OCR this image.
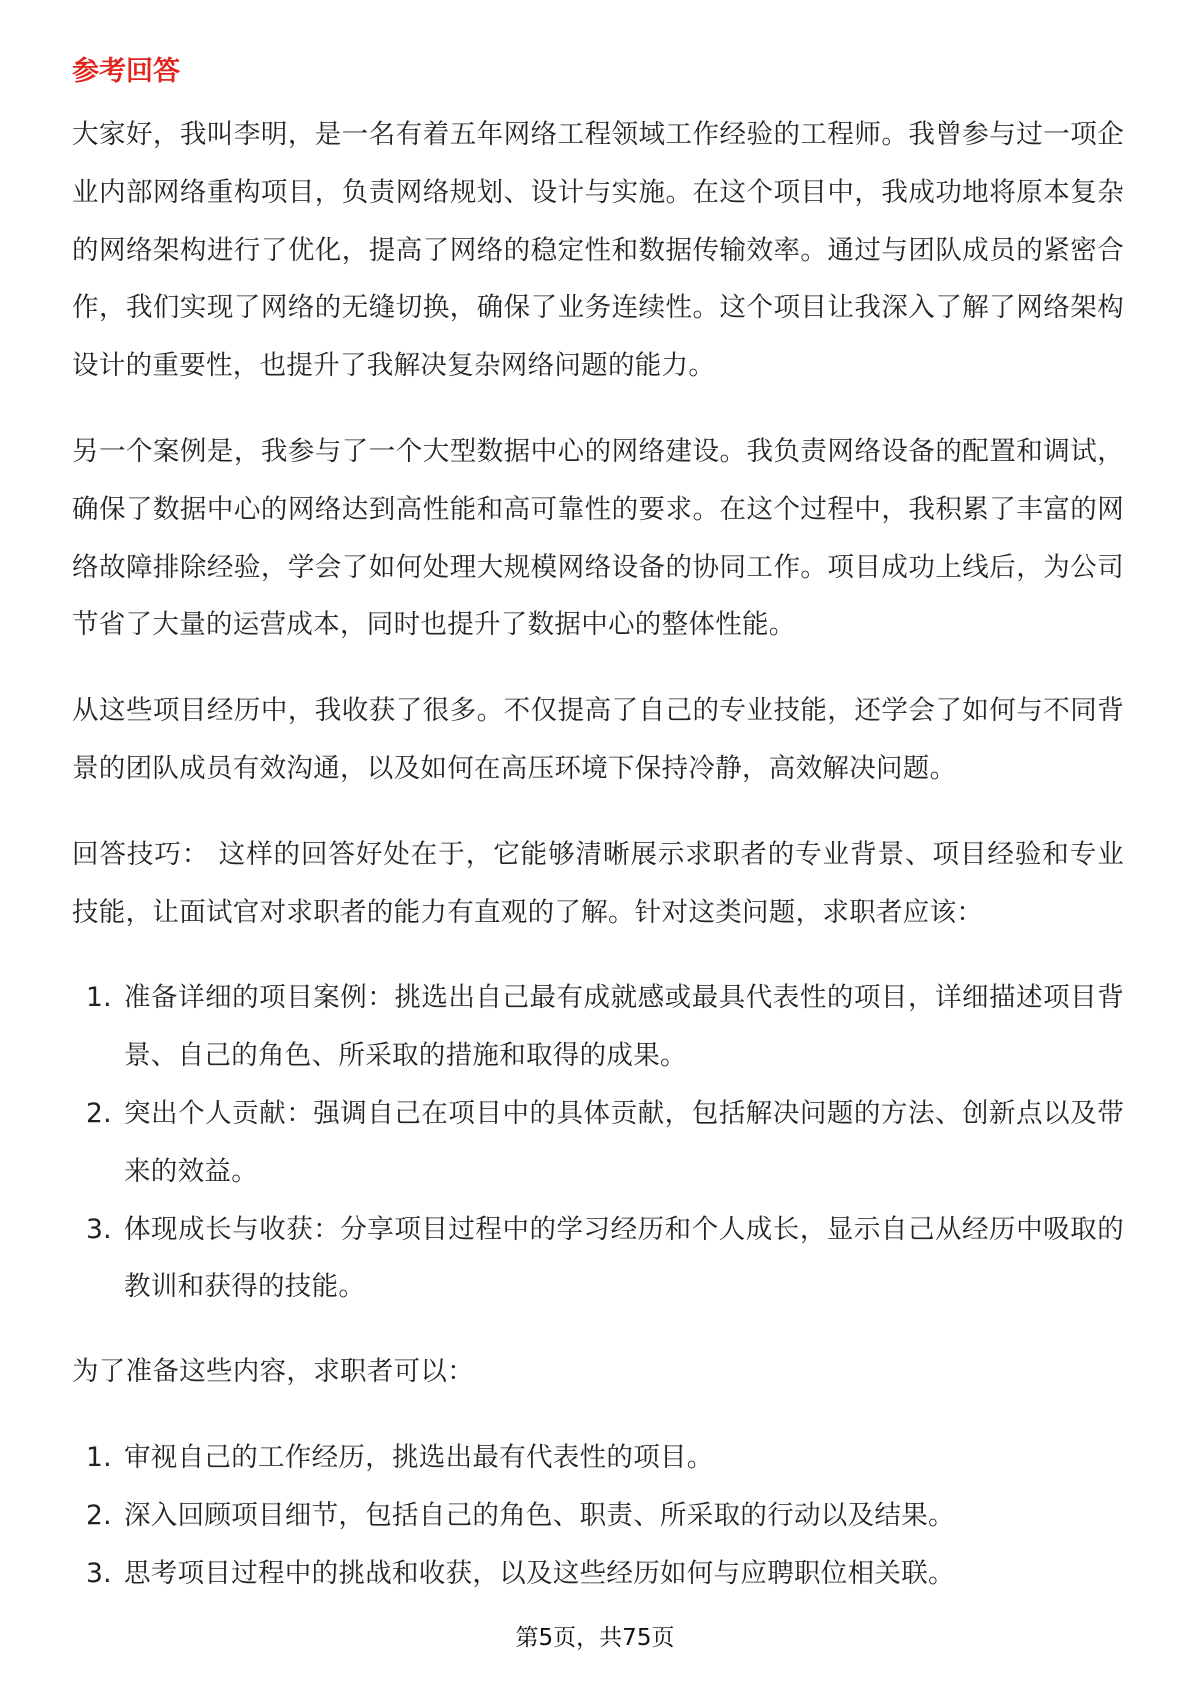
参考回答

大家好，我叫李明，是一名有着五年网络工程领域工作经验的工程师。我曾参与过一项企业内部网络重构项目，负责网络规划、设计与实施。在这个项目中，我成功地将原本复杂的网络架构进行了优化，提高了网络的稳定性和数据传输效率。通过与团队成员的紧密合作，我们实现了网络的无缝切换，确保了业务连续性。这个项目让我深入了解了网络架构设计的重要性，也提升了我解决复杂网络问题的能力。

另一个案例是，我参与了一个大型数据中心的网络建设。我负责网络设备的配置和调试，确保了数据中心的网络达到高性能和高可靠性的要求。在这个过程中，我积累了丰富的网络故障排除经验，学会了如何处理大规模网络设备的协同工作。项目成功上线后，为公司节省了大量的运营成本，同时也提升了数据中心的整体性能。

从这些项目经历中，我收获了很多。不仅提高了自己的专业技能，还学会了如何与不同背景的团队成员有效沟通，以及如何在高压环境下保持冷静，高效解决问题。

回答技巧： 这样的回答好处在于，它能够清晰展示求职者的专业背景、项目经验和专业技能，让面试官对求职者的能力有直观的了解。针对这类问题，求职者应该：

1. 准备详细的项目案例：挑选出自己最有成就感或最具代表性的项目，详细描述项目背景、自己的角色、所采取的措施和取得的成果。
2. 突出个人贡献：强调自己在项目中的具体贡献，包括解决问题的方法、创新点以及带来的效益。
3. 体现成长与收获：分享项目过程中的学习经历和个人成长，显示自己从经历中吸取的教训和获得的技能。

为了准备这些内容，求职者可以：

1. 审视自己的工作经历，挑选出最有代表性的项目。
2. 深入回顾项目细节，包括自己的角色、职责、所采取的行动以及结果。
3. 思考项目过程中的挑战和收获，以及这些经历如何与应聘职位相关联。
第5页，共75页
